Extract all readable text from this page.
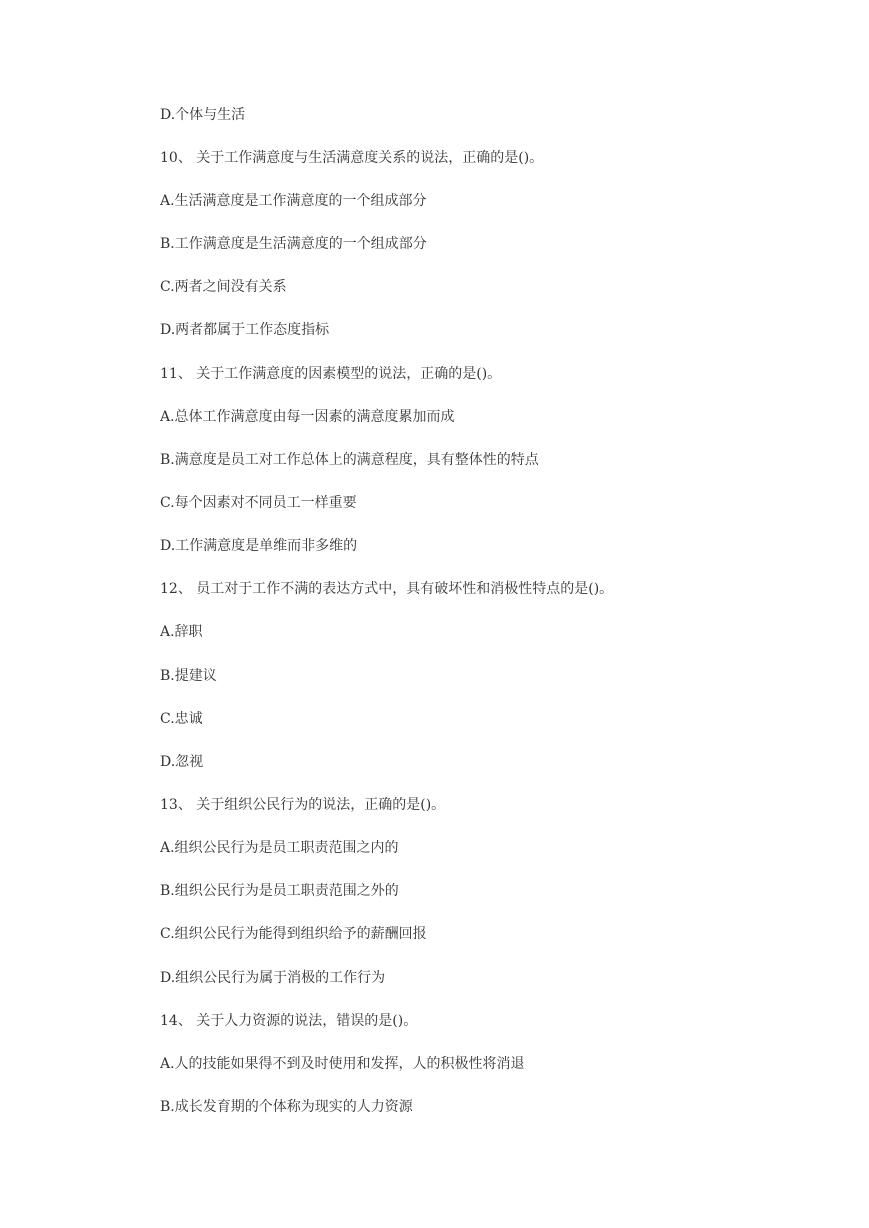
D.个体与生活

10、 关于工作满意度与生活满意度关系的说法，正确的是()。

A.生活满意度是工作满意度的一个组成部分

B.工作满意度是生活满意度的一个组成部分

C.两者之间没有关系

D.两者都属于工作态度指标

11、 关于工作满意度的因素模型的说法，正确的是()。

A.总体工作满意度由每一因素的满意度累加而成

B.满意度是员工对工作总体上的满意程度，具有整体性的特点

C.每个因素对不同员工一样重要

D.工作满意度是单维而非多维的

12、 员工对于工作不满的表达方式中，具有破坏性和消极性特点的是()。

A.辞职

B.提建议

C.忠诚

D.忽视

13、 关于组织公民行为的说法，正确的是()。

A.组织公民行为是员工职责范围之内的

B.组织公民行为是员工职责范围之外的

C.组织公民行为能得到组织给予的薪酬回报

D.组织公民行为属于消极的工作行为

14、 关于人力资源的说法，错误的是()。

A.人的技能如果得不到及时使用和发挥，人的积极性将消退

B.成长发育期的个体称为现实的人力资源
